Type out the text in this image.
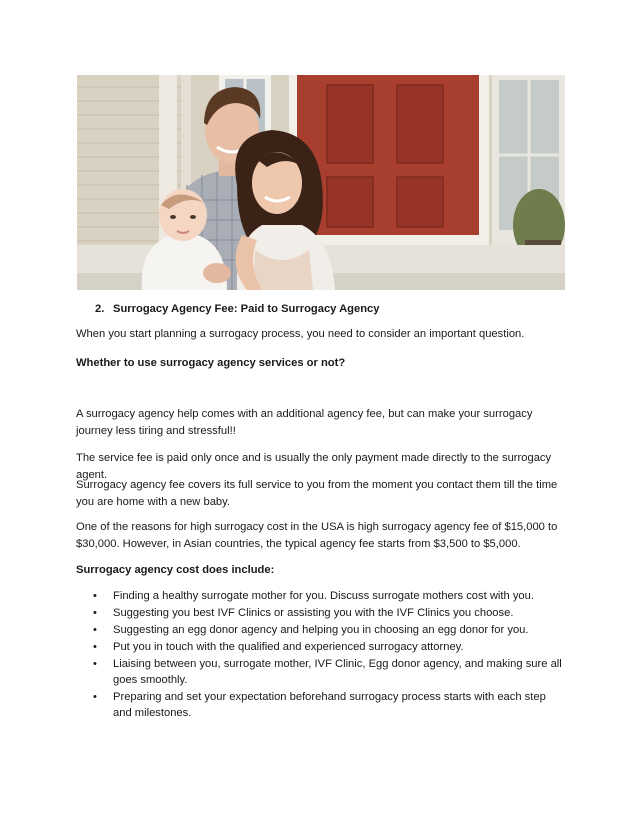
2. Surrogacy Agency Fee: Paid to Surrogacy Agency

When you start planning a surrogacy process, you need to consider an important question.

Whether to use surrogacy agency services or not?

A surrogacy agency help comes with an additional agency fee, but can make your surrogacy journey less tiring and stressful!!

The service fee is paid only once and is usually the only payment made directly to the surrogacy agent.

Surrogacy agency fee covers its full service to you from the moment you contact them till the time you are home with a new baby.

One of the reasons for high surrogacy cost in the USA is high surrogacy agency fee of $15,000 to $30,000. However, in Asian countries, the typical agency fee starts from $3,500 to $5,000.

Surrogacy agency cost does include:

• Finding a healthy surrogate mother for you. Discuss surrogate mothers cost with you.
• Suggesting you best IVF Clinics or assisting you with the IVF Clinics you choose.
• Suggesting an egg donor agency and helping you in choosing an egg donor for you.
• Put you in touch with the qualified and experienced surrogacy attorney.
• Liaising between you, surrogate mother, IVF Clinic, Egg donor agency, and making sure all goes smoothly.
• Preparing and set your expectation beforehand surrogacy process starts with each step and milestones.
